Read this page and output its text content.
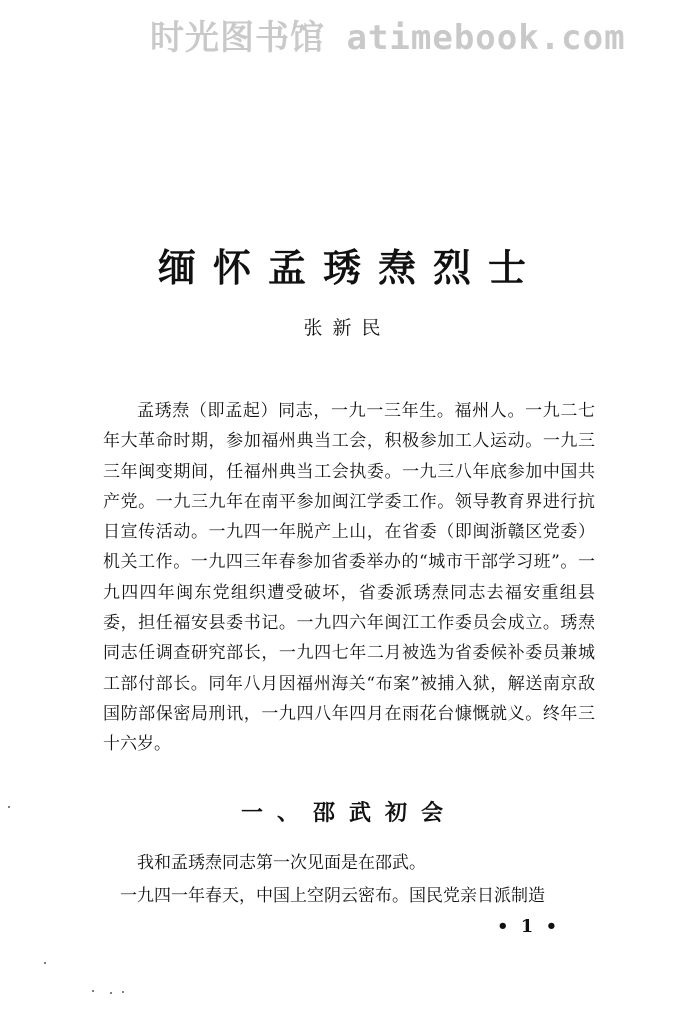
时光图书馆 atimebook.com
缅怀孟琇焘烈士
张新民

孟琇焘（即孟起）同志，一九一三年生。福州人。一九二七年大革命时期，参加福州典当工会，积极参加工人运动。一九三三年闽变期间，任福州典当工会执委。一九三八年底参加中国共产党。一九三九年在南平参加闽江学委工作。领导教育界进行抗日宣传活动。一九四一年脱产上山，在省委（即闽浙赣区党委）机关工作。一九四三年春参加省委举办的“城市干部学习班”。一九四四年闽东党组织遭受破坏，省委派琇焘同志去福安重组县委，担任福安县委书记。一九四六年闽江工作委员会成立。琇焘同志任调查研究部长，一九四七年二月被选为省委候补委员兼城工部付部长。同年八月因福州海关“布案”被捕入狱，解送南京敌国防部保密局刑讯，一九四八年四月在雨花台慷慨就义。终年三十六岁。

一、邵武初会

我和孟琇焘同志第一次见面是在邵武。

一九四一年春天，中国上空阴云密布。国民党亲日派制造

• 1 •
